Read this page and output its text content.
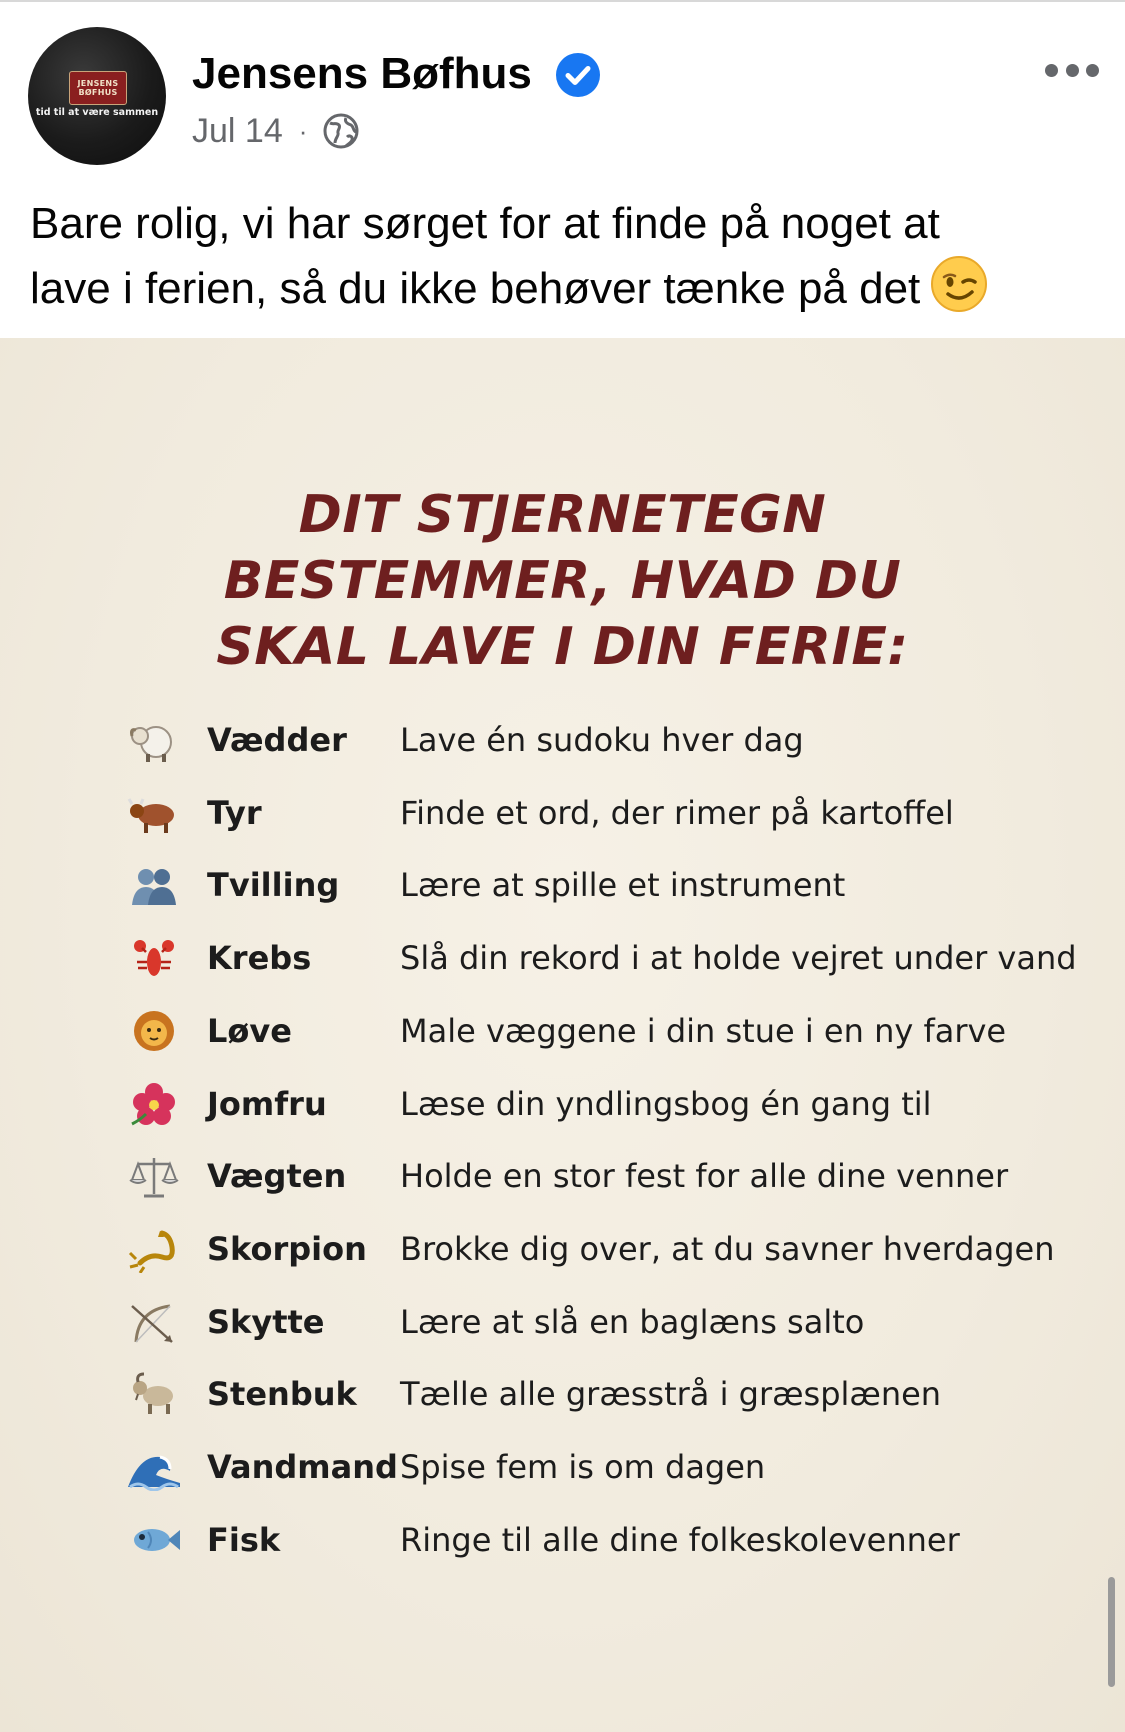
JENSENS
BØFHUS
tid til at være sammen
Jensens Bøfhus
Jul 14 ·
Bare rolig, vi har sørget for at finde på noget at
lave i ferien, så du ikke behøver tænke på det
DIT STJERNETEGN
BESTEMMER, HVAD DU
SKAL LAVE I DIN FERIE:
Vædder Lave én sudoku hver dag
Tyr	Finde et ord, der rimer på kartoffel
Tvilling Lære at spille et instrument
Krebs	Slå din rekord i at holde vejret under vand
Løve	Male væggene i din stue i en ny farve
Jomfru Læse din yndlingsbog én gang til
Vægten Holde en stor fest for alle dine venner
Skorpion Brokke dig over, at du savner hverdagen
Skytte Lære at slå en baglæns salto
Stenbuk Tælle alle græsstrå i græsplænen
Vandmand Spise fem is om dagen
Fisk	Ringe til alle dine folkeskolevenner
